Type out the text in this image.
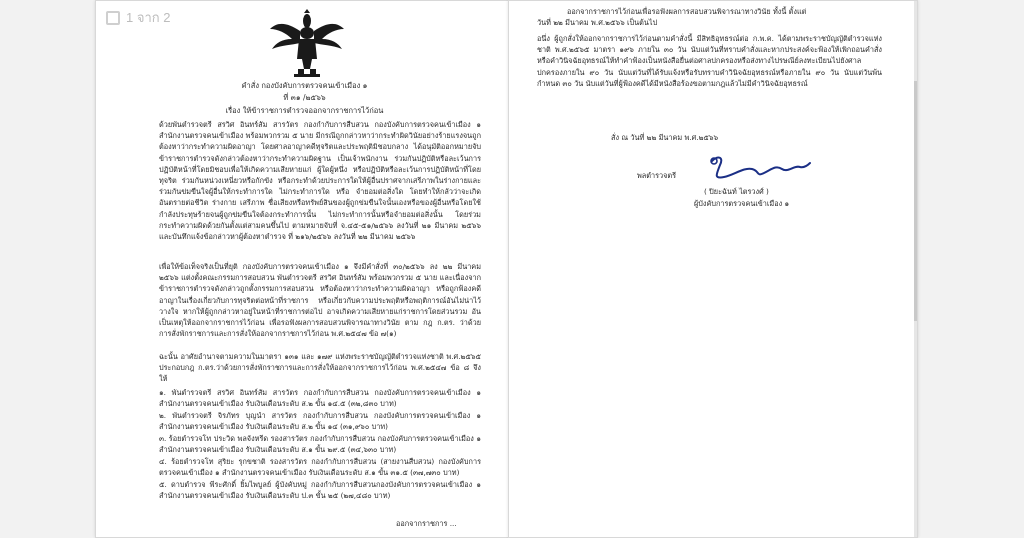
1 จาก 2
คำสั่ง กองบังคับการตรวจคนเข้าเมือง ๑
ที่ ๓๑ /๒๕๖๖
เรื่อง ให้ข้าราชการตำรวจออกจากราชการไว้ก่อน
ด้วยพันตำรวจตรี สรวิศ อินทร์สัม สารวัตร กองกำกับการสืบสวน กองบังคับการตรวจคนเข้าเมือง ๑ สำนักงานตรวจคนเข้าเมือง พร้อมพวกรวม ๕ นาย มีกรณีถูกกล่าวหาว่ากระทำผิดวินัยอย่างร้ายแรงจนถูกต้องหาว่ากระทำความผิดอาญา โดยศาลอาญาคดีทุจริตและประพฤติมิชอบกลาง ได้อนุมัติออกหมายจับข้าราชการตำรวจดังกล่าวต้องหาว่ากระทำความผิดฐาน เป็นเจ้าพนักงาน ร่วมกันปฏิบัติหรือละเว้นการปฏิบัติหน้าที่โดยมิชอบเพื่อให้เกิดความเสียหายแก่ ผู้ใดผู้หนึ่ง หรือปฏิบัติหรือละเว้นการปฏิบัติหน้าที่โดยทุจริต ร่วมกันหน่วงเหนี่ยวหรือกักขัง หรือกระทำด้วยประการใดให้ผู้อื่นปราศจากเสรีภาพในร่างกายและร่วมกันข่มขืนใจผู้อื่นให้กระทำการใด ไม่กระทำการใด หรือ จำยอมต่อสิ่งใด โดยทำให้กลัวว่าจะเกิดอันตรายต่อชีวิต ร่างกาย เสรีภาพ ชื่อเสียงหรือทรัพย์สินของผู้ถูกข่มขืนใจนั้นเองหรือของผู้อื่นหรือโดยใช้กำลังประทุษร้ายจนผู้ถูกข่มขืนใจต้องกระทำการนั้น ไม่กระทำการนั้นหรือจำยอมต่อสิ่งนั้น โดยร่วมกระทำความผิดด้วยกันตั้งแต่สามคนขึ้นไป ตามหมายจับที่ จ.๔๕-๕๑/๒๕๖๖ ลงวันที่ ๒๑ มีนาคม ๒๕๖๖ และบันทึกแจ้งข้อกล่าวหาผู้ต้องหาตำรวจ ที่ ๒๑๖/๒๕๖๖ ลงวันที่ ๒๒ มีนาคม ๒๕๖๖
เพื่อให้ข้อเท็จจริงเป็นที่ยุติ กองบังคับการตรวจคนเข้าเมือง ๑ จึงมีคำสั่งที่ ๓๐/๒๕๖๖ ลง ๒๒ มีนาคม ๒๕๖๖ แต่งตั้งคณะกรรมการสอบสวน พันตำรวจตรี สรวิศ อินทร์สัม พร้อมพวกรวม ๕ นาย และเนื่องจากข้าราชการตำรวจดังกล่าวถูกตั้งกรรมการสอบสวน หรือต้องหาว่ากระทำความผิดอาญา หรือถูกฟ้องคดีอาญาในเรื่องเกี่ยวกับการทุจริตต่อหน้าที่ราชการ หรือเกี่ยวกับความประพฤติหรือพฤติการณ์อันไม่น่าไว้วางใจ หากให้ผู้ถูกกล่าวหาอยู่ในหน้าที่ราชการต่อไป อาจเกิดความเสียหายแก่ราชการโดยส่วนรวม อันเป็นเหตุให้ออกจากราชการไว้ก่อน เพื่อรอฟังผลการสอบสวนพิจารณาทางวินัย ตาม กฎ ก.ตร. ว่าด้วยการสั่งพักราชการและการสั่งให้ออกจากราชการไว้ก่อน พ.ศ.๒๕๔๗ ข้อ ๗(๑)
ฉะนั้น อาศัยอำนาจตามความในมาตรา ๑๓๑ และ ๑๗๙ แห่งพระราชบัญญัติตำรวจแห่งชาติ พ.ศ.๒๕๖๕ ประกอบกฎ ก.ตร.ว่าด้วยการสั่งพักราชการและการสั่งให้ออกจากราชการไว้ก่อน พ.ศ.๒๕๔๗ ข้อ ๘ จึงให้
๑. พันตำรวจตรี สรวิศ อินทร์สัม สารวัตร กองกำกับการสืบสวน กองบังคับการตรวจคนเข้าเมือง ๑ สำนักงานตรวจคนเข้าเมือง รับเงินเดือนระดับ ส.๒ ขั้น ๑๔.๕ (๓๒,๘๓๐ บาท)
๒. พันตำรวจตรี จิรภัทร บุญนำ สารวัตร กองกำกับการสืบสวน กองบังคับการตรวจคนเข้าเมือง ๑ สำนักงานตรวจคนเข้าเมือง รับเงินเดือนระดับ ส.๒ ขั้น ๑๔ (๓๑,๙๖๐ บาท)
๓. ร้อยตำรวจโท ประวิด พลจังหรีด รองสารวัตร กองกำกับการสืบสวน กองบังคับการตรวจคนเข้าเมือง ๑ สำนักงานตรวจคนเข้าเมือง รับเงินเดือนระดับ ส.๑ ขั้น ๒๙.๕ (๓๔,๖๓๐ บาท)
๔. ร้อยตำรวจโท สุริยะ รุกขชาติ รองสารวัตร กองกำกับการสืบสวน (สายงานสืบสวน) กองบังคับการตรวจคนเข้าเมือง ๑ สำนักงานตรวจคนเข้าเมือง รับเงินเดือนระดับ ส.๑ ขั้น ๓๑.๕ (๓๗,๗๓๐ บาท)
๕. ดาบตำรวจ พีระศักดิ์ ยิ้มไพบูลย์ ผู้บังคับหมู่ กองกำกับการสืบสวนกองบังคับการตรวจคนเข้าเมือง ๑ สำนักงานตรวจคนเข้าเมือง รับเงินเดือนระดับ ป.๓ ขั้น ๒๕ (๒๗,๔๘๐ บาท)
ออกจากราชการ ...
ออกจากราชการไว้ก่อนเพื่อรอฟังผลการสอบสวนพิจารณาทางวินัย ทั้งนี้ ตั้งแต่
วันที่ ๒๒ มีนาคม พ.ศ.๒๕๖๖ เป็นต้นไป
อนึ่ง ผู้ถูกสั่งให้ออกจากราชการไว้ก่อนตามคำสั่งนี้ มีสิทธิอุทธรณ์ต่อ ก.พ.ค. ได้ตามพระราชบัญญัติตำรวจแห่งชาติ พ.ศ.๒๕๖๕ มาตรา ๑๙๖ ภายใน ๓๐ วัน นับแต่วันที่ทราบคำสั่งและหากประสงค์จะฟ้องให้เพิกถอนคำสั่งหรือคำวินิจฉัยอุทธรณ์ให้ทำคำฟ้องเป็นหนังสือยื่นต่อศาลปกครองหรือส่งทางไปรษณีย์ลงทะเบียนไปยังศาลปกครองภายใน ๙๐ วัน นับแต่วันที่ได้รับแจ้งหรือรับทราบคำวินิจฉัยอุทธรณ์หรือภายใน ๙๐ วัน นับแต่วันพ้นกำหนด ๓๐ วัน นับแต่วันที่ผู้ฟ้องคดีได้มีหนังสือร้องขอตามกฎแล้วไม่มีคำวินิจฉัยอุทธรณ์
สั่ง ณ วันที่ ๒๒ มีนาคม พ.ศ.๒๕๖๖
พลตำรวจตรี
( ปิยะฉันท์ ไตรวงศ์ )
ผู้บังคับการตรวจคนเข้าเมือง ๑
